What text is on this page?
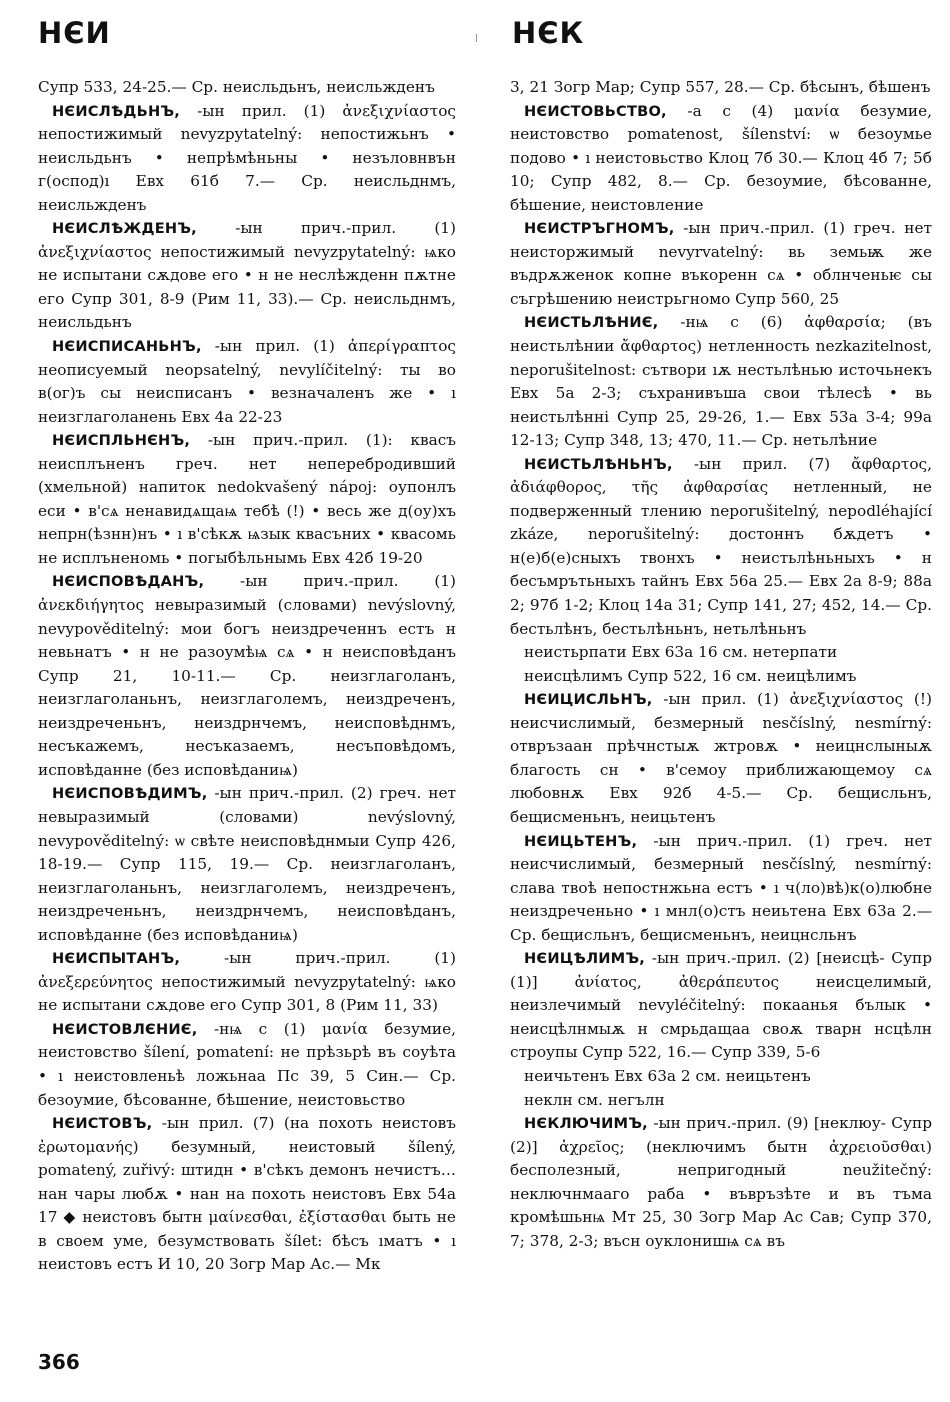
НЄИ	НЄК

Супр 533, 24-25.— Ср. неисльдьнъ, неисльжденъ

НЄИСЛѢДЬНЪ, -ын прил. (1) ἀνεξιχνίαστος непостижимый nevyzpytatelný: непостижьнъ • неисльдьнъ • непрѣмѣньны • незъловнвън г(оспод)ı Евх 61б 7.— Ср. неисльднмъ, неисльжденъ

НЄИСЛѢЖДЕНЪ, -ын прич.-прил. (1) ἀνεξιχνίαστος непостижимый nevyzpytatelný: ѩко не испытани сѫдове его • н не неслѣжденн пѫтне его Супр 301, 8-9 (Рим 11, 33).— Ср. неисльднмъ, неисльдьнъ

НЄИСПИСАНЬНЪ, -ын прил. (1) ἀπερίγραπτος неописуемый neopsatelný, nevylíčitelný: ты во в(ог)ъ сы неисписанъ • везначаленъ же • ı неизглаголанень Евх 4а 22-23

НЄИСПЛЬНЄНЪ, -ын прич.-прил. (1): квасъ неисплъненъ греч. нет неперебродивший (хмельной) напиток nedokvašený nápoj: оупонлъ еси • в'сѧ ненавидѧщаѩ тебѣ (!) • весь же д(оу)хъ непрн(ѣзнн)нъ • ı в'сѣкѫ ѩзык квасъних • квасомь не исплъненомь • погыбѣльнымь Евх 42б 19-20

НЄИСПОВѢДАНЪ, -ын прич.-прил. (1) ἀνεκδιήγητος невыразимый (словами) nevýslovný, nevypověditelný: мои богъ неиздреченнъ естъ н невьнатъ • н не разоумѣѩ сѧ • н неисповѣданъ Супр 21, 10-11.— Ср. неизглаголанъ, неизглаголаньнъ, неизглаголемъ, неиздреченъ, неиздреченьнъ, неиздрнчемъ, неисповѣднмъ, несъкажемъ, несъказаемъ, несъповѣдомъ, исповѣданне (без исповѣданиѩ)

НЄИСПОВѢДИМЪ, -ын прич.-прил. (2) греч. нет невыразимый (словами) nevýslovný, nevypověditelný: ѡ свѣте неисповѣднмыи Супр 426, 18-19.— Супр 115, 19.— Ср. неизглаголанъ, неизглаголаньнъ, неизглаголемъ, неиздреченъ, неиздреченьнъ, неиздрнчемъ, неисповѣданъ, исповѣданне (без исповѣданиѩ)

НЄИСПЫТАНЪ, -ын прич.-прил. (1) ἀνεξερεύνητος непостижимый nevyzpytatelný: ѩко не испытани сѫдове его Супр 301, 8 (Рим 11, 33)

НЄИСТОВЛЄНИЄ, -нѩ с (1) μανία безумие, неистовство šílení, pomatení: не прѣзьрѣ въ соуѣта • ı неистовленьѣ ложьнаа Пс 39, 5 Син.— Ср. безоумие, бѣсованне, бѣшение, неистовьство

НЄИСТОВЪ, -ын прил. (7) (на похоть неистовъ ἐρωτομανής) безумный, неистовый šílený, pomatený, zuřivý: штидн • в'сѣкъ демонъ нечистъ… нан чары любѫ • нан на похоть неистовъ Евх 54а 17 ◆ неистовъ бытн μαίνεσθαι, ἐξίστασθαι быть не в своем уме, безумствовать šílet: бѣсъ ıматъ • ı неистовъ естъ И 10, 20 Зогр Мар Ас.— Мк

3, 21 Зогр Мар; Супр 557, 28.— Ср. бѣсынъ, бѣшенъ

НЄИСТОВЬСТВО, -а с (4) μανία безумие, неистовство pomatenost, šílenství: ѡ безоумье подово • ı неистовьство Клоц 7б 30.— Клоц 4б 7; 5б 10; Супр 482, 8.— Ср. безоумие, бѣсованне, бѣшение, неистовление

НЄИСТРЪГНОМЪ, -ын прич.-прил. (1) греч. нет неисторжимый nevyrvatelný: вь земьѭ же въдрѫженок копне въкоренн сѧ • облнченьѥ сы съгрѣшению неистрьгномо Супр 560, 25

НЄИСТЬЛѢНИЄ, -нѩ с (6) ἀφθαρσία; (въ неистьлѣнии ἄφθαρτος) нетленность nezkazitelnost, neporušitelnost: сътвори ıѫ нестьлѣнью источьнекъ Евх 5а 2-3; съхранивъша свои тѣлесѣ • вь неистьлѣнні Супр 25, 29-26, 1.— Евх 53а 3-4; 99а 12-13; Супр 348, 13; 470, 11.— Ср. нетьлѣние

НЄИСТЬЛѢНЬНЪ, -ын прил. (7) ἄφθαρτος, ἀδιάφθορος, τῆς ἀφθαρσίας нетленный, не подверженный тлению neporušitelný, nepodléhající zkáze, neporušitelný: достоннъ бѫдетъ • н(е)б(е)сныхъ твонхъ • неистьлѣньныхъ • н бесъмрътьныхъ тайнъ Евх 56а 25.— Евх 2а 8-9; 88а 2; 97б 1-2; Клоц 14а 31; Супр 141, 27; 452, 14.— Ср. бестьлѣнъ, бестьлѣньнъ, нетьлѣньнъ

неистьрпати Евх 63а 16 см. нетерпати

неисцѣлимъ Супр 522, 16 см. неицѣлимъ

НЄИЦИСЛЬНЪ, -ын прил. (1) ἀνεξιχνίαστος (!) неисчислимый, безмерный nesčíslný, nesmírný: отвръзаан прѣчнстыѫ жтровѫ • неицнслыныѫ благость сн • в'семоу приближающемоу сѧ любовнѫ Евх 92б 4-5.— Ср. бещисльнъ, бещисменьнъ, неицьтенъ

НЄИЦЬТЕНЪ, -ын прич.-прил. (1) греч. нет неисчислимый, безмерный nesčíslný, nesmírný: слава твоѣ непостнжьна естъ • ı ч(ло)вѣ)к(о)любне неиздреченьно • ı мнл(о)стъ неиьтена Евх 63а 2.— Ср. бещисльнъ, бещисменьнъ, неицнсльнъ

НЄИЦѢЛИМЪ, -ын прич.-прил. (2) [неисцѣ- Супр (1)] ἀνίατος, ἀθεράπευτος неисцелимый, неизлечимый nevyléčitelný: покаанья бълык • неисцѣлнмыѫ н смрьдащаа своѫ тварн нсцѣлн строупы Супр 522, 16.— Супр 339, 5-6

неичьтенъ Евх 63а 2 см. неицьтенъ

неклн см. негълн

НЄКЛЮЧИМЪ, -ын прич.-прил. (9) [неклюу- Супр (2)] ἀχρεῖος; (неключимъ бытн ἀχρειοῦσθαι) бесполезный, непригодный neužitečný: неключнмааго раба • въвръзѣте и въ тъма кромѣшьнѩ Мт 25, 30 Зогр Мар Ас Сав; Супр 370, 7; 378, 2-3; въсн оуклонишѩ сѧ въ

366
